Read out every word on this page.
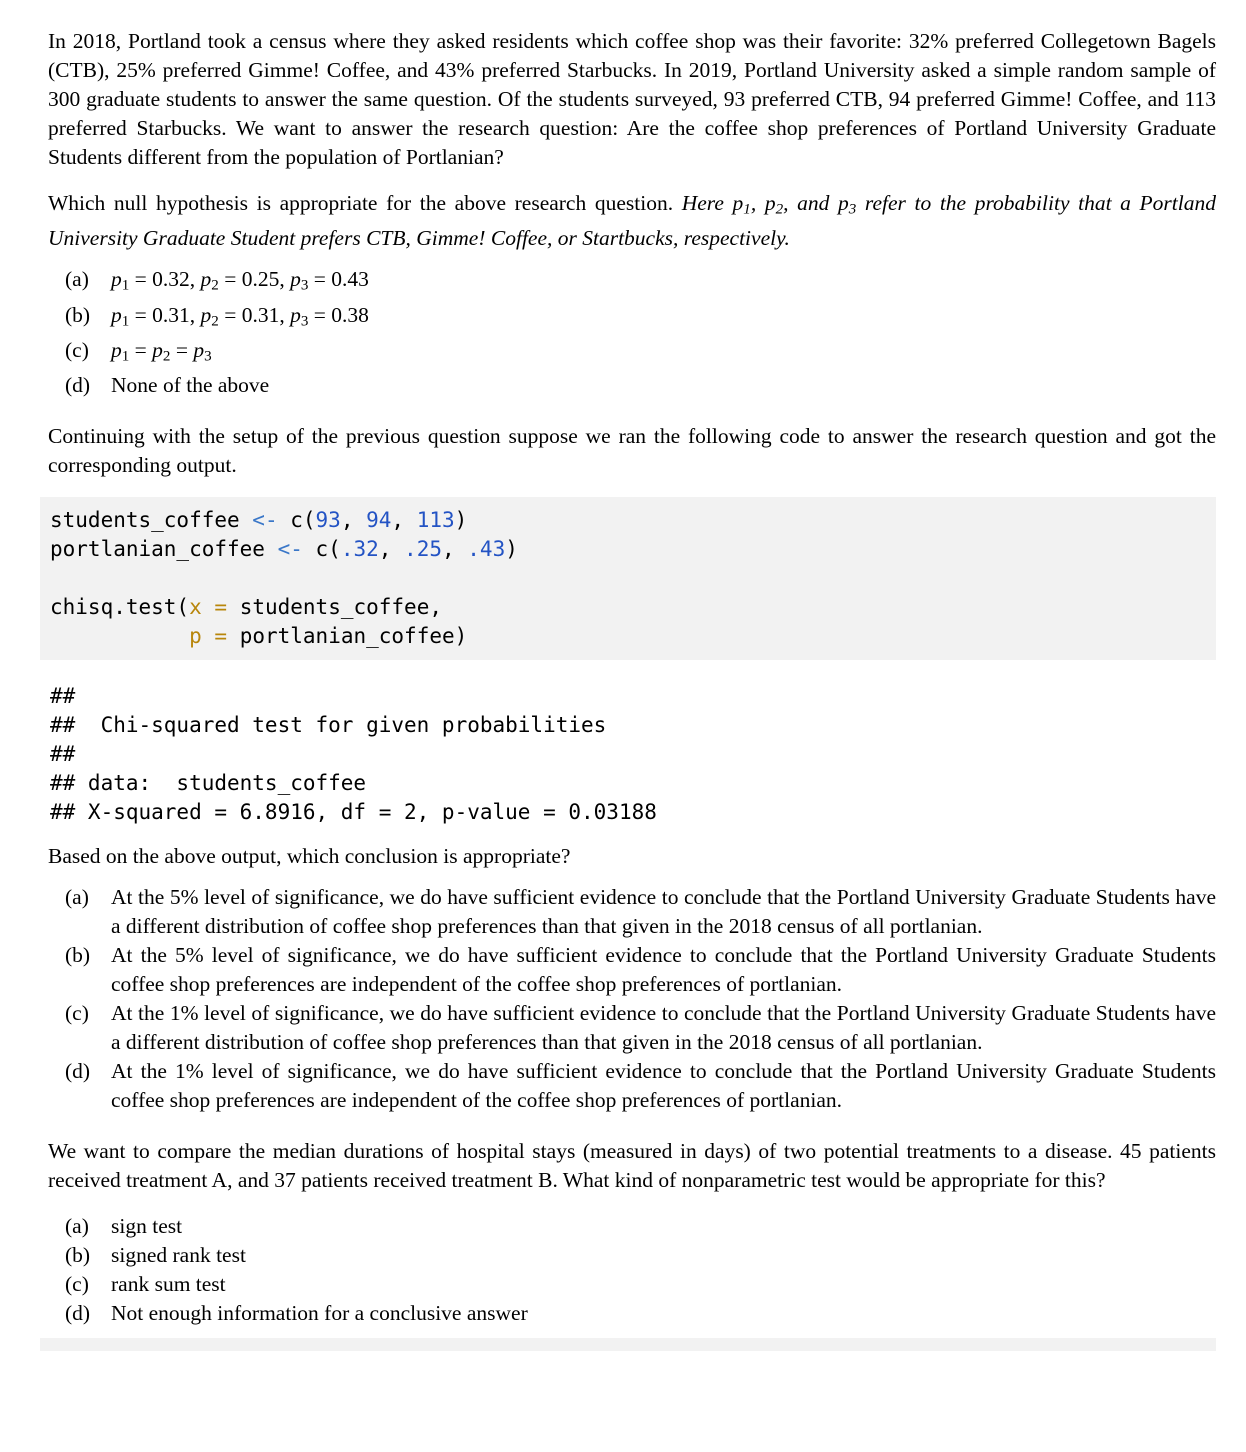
In 2018, Portland took a census where they asked residents which coffee shop was their favorite: 32% preferred Collegetown Bagels (CTB), 25% preferred Gimme! Coffee, and 43% preferred Starbucks. In 2019, Portland University asked a simple random sample of 300 graduate students to answer the same question. Of the students surveyed, 93 preferred CTB, 94 preferred Gimme! Coffee, and 113 preferred Starbucks. We want to answer the research question: Are the coffee shop preferences of Portland University Graduate Students different from the population of Portlanian?

Which null hypothesis is appropriate for the above research question. Here p1, p2, and p3 refer to the probability that a Portland University Graduate Student prefers CTB, Gimme! Coffee, or Startbucks, respectively.

(a)	p1 = 0.32, p2 = 0.25, p3 = 0.43
(b) p1 = 0.31, p2 = 0.31, p3 = 0.38
(c)	p1 = p2 = p3
(d) None of the above

Continuing with the setup of the previous question suppose we ran the following code to answer the research question and got the corresponding output.

students_coffee <- c(93, 94, 113)
portlanian_coffee <- c(.32, .25, .43)
chisq.test(x = students_coffee,
p = portlanian_coffee)
##
##  Chi-squared test for given probabilities
##
## data:  students_coffee
## X-squared = 6.8916, df = 2, p-value = 0.03188

Based on the above output, which conclusion is appropriate?

(a)	At the 5% level of significance, we do have sufficient evidence to conclude that the Portland University Graduate Students have a different distribution of coffee shop preferences than that given in the 2018 census of all portlanian.
(b) At the 5% level of significance, we do have sufficient evidence to conclude that the Portland University Graduate Students coffee shop preferences are independent of the coffee shop preferences of portlanian.
(c)	At the 1% level of significance, we do have sufficient evidence to conclude that the Portland University Graduate Students have a different distribution of coffee shop preferences than that given in the 2018 census of all portlanian.
(d) At the 1% level of significance, we do have sufficient evidence to conclude that the Portland University Graduate Students coffee shop preferences are independent of the coffee shop preferences of portlanian.

We want to compare the median durations of hospital stays (measured in days) of two potential treatments to a disease. 45 patients received treatment A, and 37 patients received treatment B. What kind of nonparametric test would be appropriate for this?

(a)	sign test
(b) signed rank test
(c)	rank sum test
(d) Not enough information for a conclusive answer
